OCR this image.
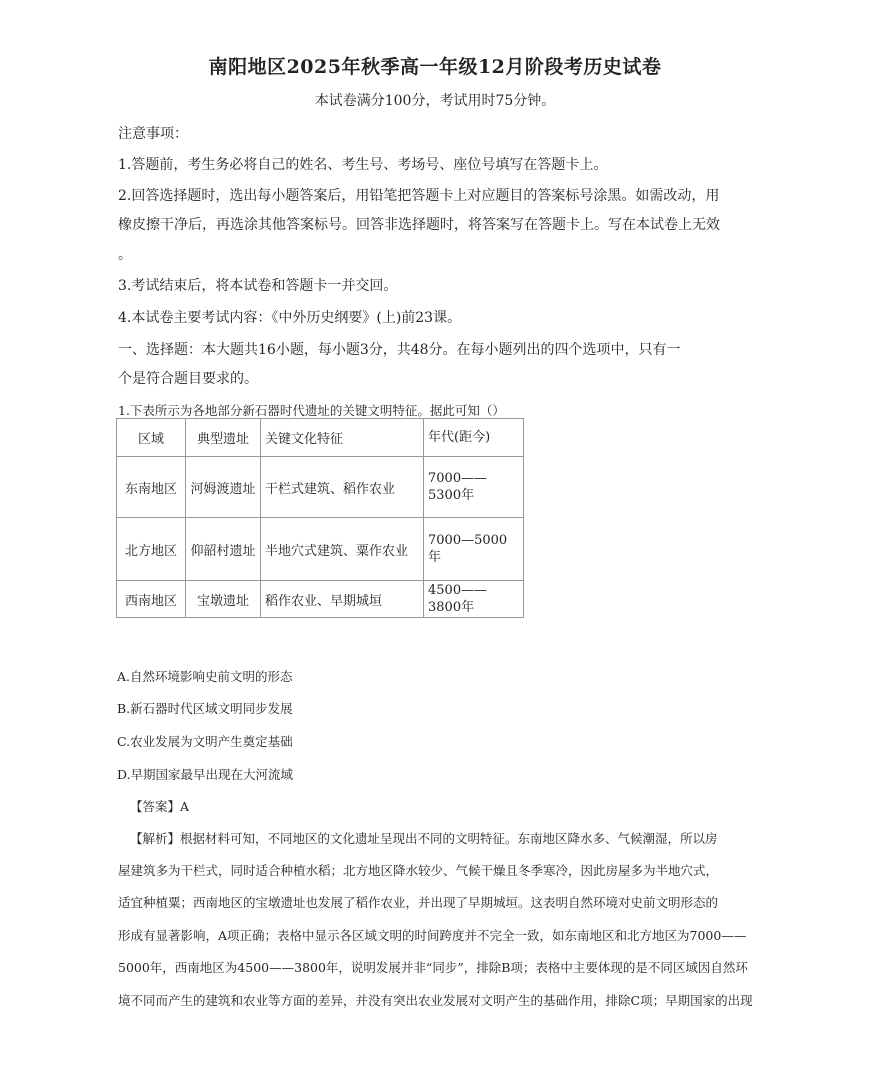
南阳地区2025年秋季高一年级12月阶段考历史试卷
本试卷满分100分，考试用时75分钟。
注意事项：
1.答题前，考生务必将自己的姓名、考生号、考场号、座位号填写在答题卡上。
2.回答选择题时，选出每小题答案后，用铅笔把答题卡上对应题目的答案标号涂黑。如需改动，用
橡皮擦干净后，再选涂其他答案标号。回答非选择题时，将答案写在答题卡上。写在本试卷上无效
。
3.考试结束后，将本试卷和答题卡一并交回。
4.本试卷主要考试内容：《中外历史纲要》(上)前23课。
一、选择题：本大题共16小题，每小题3分，共48分。在每小题列出的四个选项中，只有一
个是符合题目要求的。
1.下表所示为各地部分新石器时代遗址的关键文明特征。据此可知（）
区域	典型遗址	关键文化特征	年代(距今)
东南地区	河姆渡遗址	干栏式建筑、稻作农业	7000——5300年
北方地区	仰韶村遗址	半地穴式建筑、粟作农业	7000—5000年
西南地区	宝墩遗址	稻作农业、早期城垣	4500——3800年
A.自然环境影响史前文明的形态
B.新石器时代区域文明同步发展
C.农业发展为文明产生奠定基础
D.早期国家最早出现在大河流域
【答案】A
【解析】根据材料可知，不同地区的文化遗址呈现出不同的文明特征。东南地区降水多、气候潮湿，所以房
屋建筑多为干栏式，同时适合种植水稻；北方地区降水较少、气候干燥且冬季寒冷，因此房屋多为半地穴式，
适宜种植粟；西南地区的宝墩遗址也发展了稻作农业，并出现了早期城垣。这表明自然环境对史前文明形态的
形成有显著影响，A项正确；表格中显示各区域文明的时间跨度并不完全一致，如东南地区和北方地区为7000——
5000年，西南地区为4500——3800年，说明发展并非“同步”，排除B项；表格中主要体现的是不同区域因自然环
境不同而产生的建筑和农业等方面的差异，并没有突出农业发展对文明产生的基础作用，排除C项；早期国家的出现
